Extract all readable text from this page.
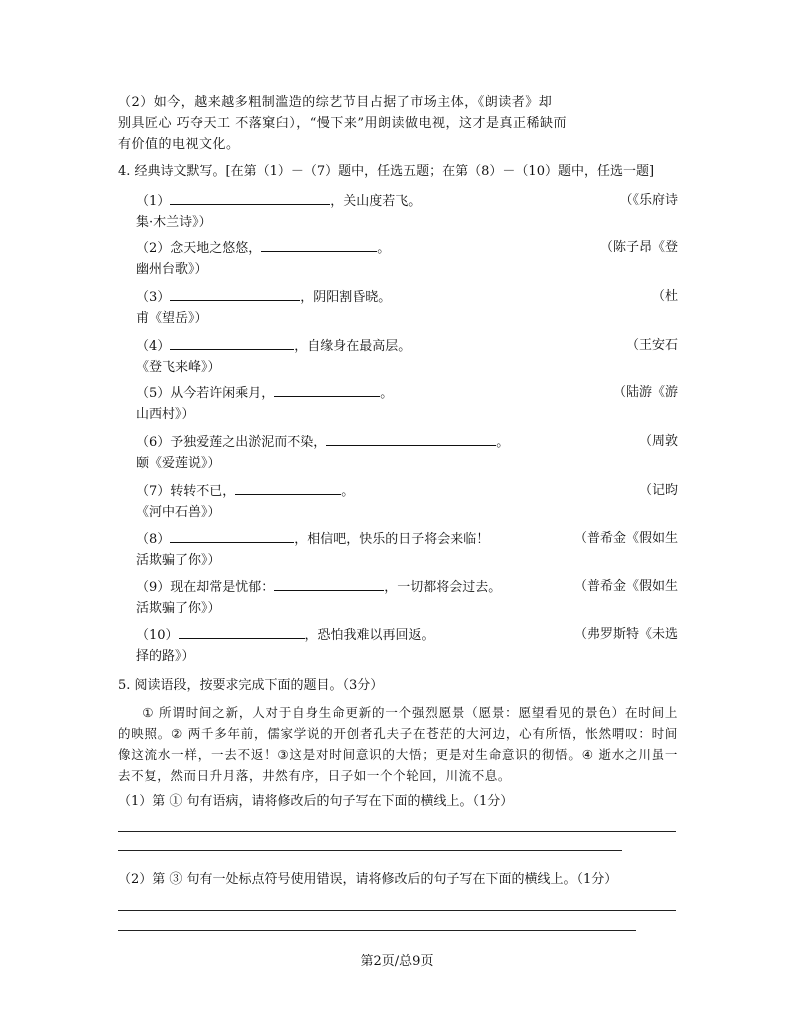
（2）如今，越来越多粗制滥造的综艺节目占据了市场主体，《朗读者》却
别具匠心 巧夺天工 不落窠臼），“慢下来”用朗读做电视，这才是真正稀缺而
有价值的电视文化。
4. 经典诗文默写。[在第（1）－（7）题中，任选五题；在第（8）－（10）题中，任选一题]
（1）	，关山度若飞。	（《乐府诗
集·木兰诗》）
（2）念天地之悠悠，	。	（陈子昂《登
幽州台歌》）
（3）	，阴阳割昏晓。	（杜
甫《望岳》）
（4）	，自缘身在最高层。	（王安石
《登飞来峰》）
（5）从今若许闲乘月，	。	（陆游《游
山西村》）
（6）予独爱莲之出淤泥而不染，	。	（周敦
颐《爱莲说》）
（7）转转不已，	。	（记昀
《河中石兽》）
（8）	，相信吧，快乐的日子将会来临！	（普希金《假如生
活欺骗了你》）
（9）现在却常是忧郁：	，一切都将会过去。	（普希金《假如生
活欺骗了你》）
（10）	，恐怕我难以再回返。	（弗罗斯特《未选
择的路》）
5. 阅读语段，按要求完成下面的题目。（3分）
① 所谓时间之新，人对于自身生命更新的一个强烈愿景（愿景：愿望看见的景色）在时间上的映照。② 两千多年前，儒家学说的开创者孔夫子在苍茫的大河边，心有所悟，怅然喟叹：时间像这流水一样，一去不返！③这是对时间意识的大悟；更是对生命意识的彻悟。④ 逝水之川虽一去不复，然而日升月落，井然有序，日子如一个个轮回，川流不息。
（1）第 ① 句有语病，请将修改后的句子写在下面的横线上。（1分）
（2）第 ③ 句有一处标点符号使用错误，请将修改后的句子写在下面的横线上。（1分）
第2页/总9页
